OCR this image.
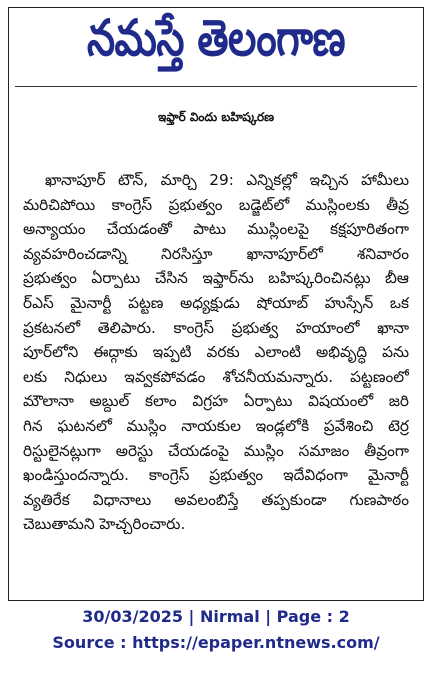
నమస్తే తెలంగాణ
ఇఫ్తార్ విందు బహిష్కరణ
ఖానాపూర్ టౌన్, మార్చి 29: ఎన్నికల్లో ఇచ్చిన హామీలు
మరిచిపోయి కాంగ్రెస్ ప్రభుత్వం బడ్జెట్‌లో ముస్లింలకు తీవ్ర
అన్యాయం చేయడంతో పాటు ముస్లింలపై కక్షపూరితంగా
వ్యవహరించడాన్ని నిరసిస్తూ ఖానాపూర్‌లో శనివారం
ప్రభుత్వం ఏర్పాటు చేసిన ఇఫ్తార్‌ను బహిష్కరించినట్లు బీఆ
ర్‌ఎస్ మైనార్టీ పట్టణ అధ్యక్షుడు షోయాబ్ హుస్సేన్ ఒక
ప్రకటనలో తెలిపారు. కాంగ్రెస్ ప్రభుత్వ హయాంలో ఖానా
పూర్‌లోని ఈద్గాకు ఇప్పటి వరకు ఎలాంటి అభివృద్ధి పను
లకు నిధులు ఇవ్వకపోవడం శోచనీయమన్నారు. పట్టణంలో
మౌలానా అబ్దుల్ కలాం విగ్రహ ఏర్పాటు విషయంలో జరి
గిన ఘటనలో ముస్లిం నాయకుల ఇండ్లలోకి ప్రవేశించి టెర్ర
రిస్టులైనట్లుగా అరెస్టు చేయడంపై ముస్లిం సమాజం తీవ్రంగా
ఖండిస్తుందన్నారు. కాంగ్రెస్ ప్రభుత్వం ఇదేవిధంగా మైనార్టీ
వ్యతిరేక విధానాలు అవలంబిస్తే తప్పకుండా గుణపాఠం
చెబుతామని హెచ్చరించారు.
30/03/2025 | Nirmal | Page : 2
Source : https://epaper.ntnews.com/
